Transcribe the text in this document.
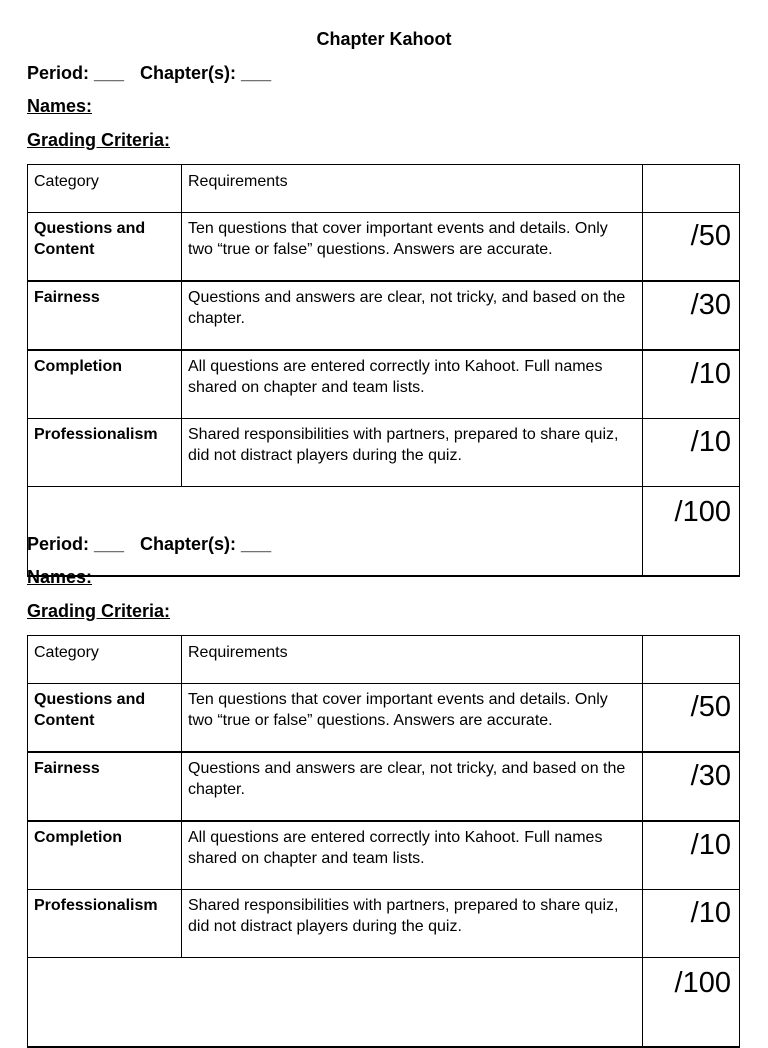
Chapter Kahoot
Period: ___ Chapter(s): ___
Names:
Grading Criteria:
Category	Requirements	
Questions and Content	Ten questions that cover important events and details. Only two “true or false” questions. Answers are accurate.	/50
Fairness	Questions and answers are clear, not tricky, and based on the chapter.	/30
Completion	All questions are entered correctly into Kahoot. Full names shared on chapter and team lists.	/10
Professionalism	Shared responsibilities with partners, prepared to share quiz, did not distract players during the quiz.	/10
		/100
Period: ___ Chapter(s): ___
Names:
Grading Criteria:
Category	Requirements	
Questions and Content	Ten questions that cover important events and details. Only two “true or false” questions. Answers are accurate.	/50
Fairness	Questions and answers are clear, not tricky, and based on the chapter.	/30
Completion	All questions are entered correctly into Kahoot. Full names shared on chapter and team lists.	/10
Professionalism	Shared responsibilities with partners, prepared to share quiz, did not distract players during the quiz.	/10
		/100
